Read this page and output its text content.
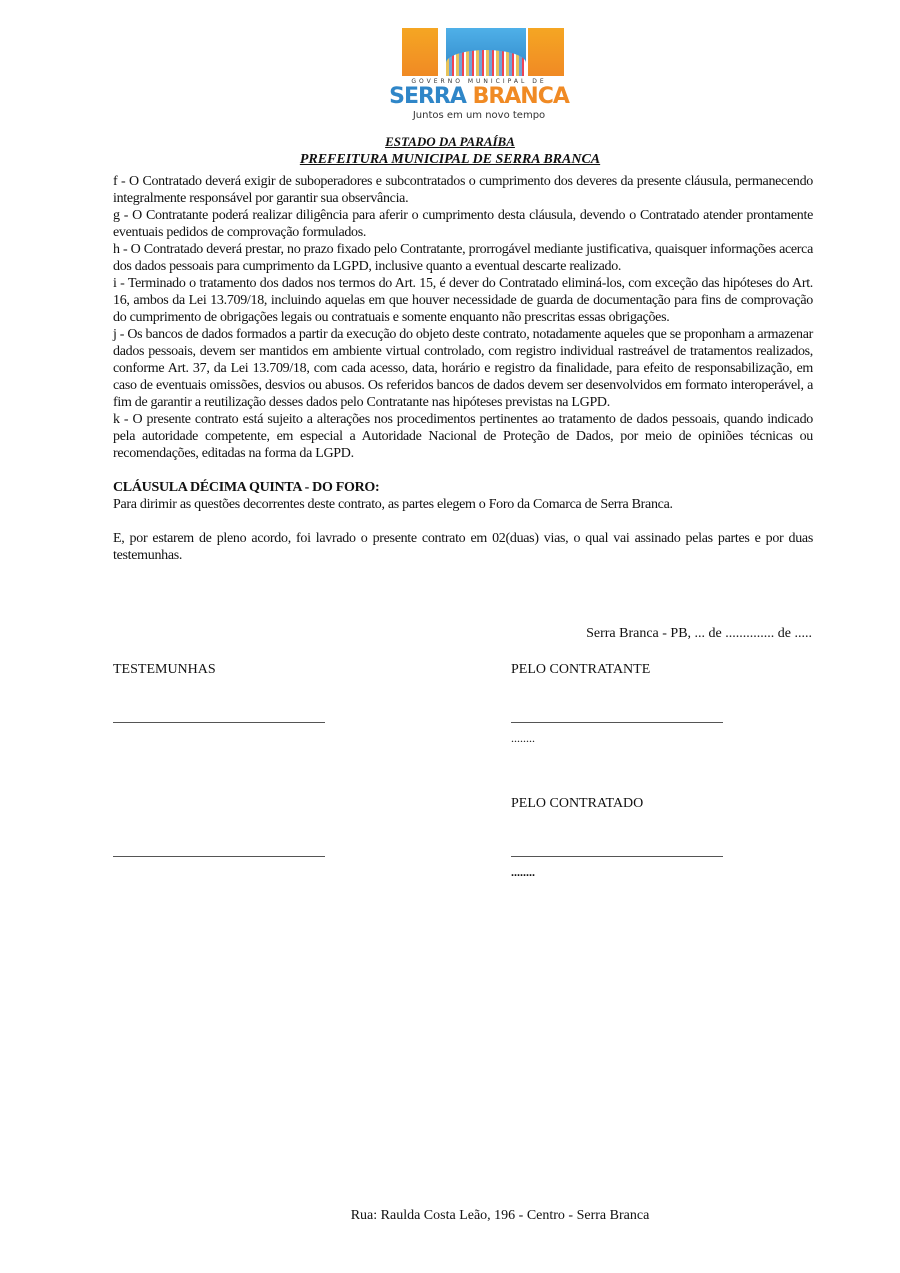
GOVERNO MUNICIPAL DE
SERRA BRANCA
Juntos em um novo tempo
ESTADO DA PARAÍBA
PREFEITURA MUNICIPAL DE SERRA BRANCA

f - O Contratado deverá exigir de suboperadores e subcontratados o cumprimento dos deveres da presente cláusula, permanecendo integralmente responsável por garantir sua observância.

g - O Contratante poderá realizar diligência para aferir o cumprimento desta cláusula, devendo o Contratado atender prontamente eventuais pedidos de comprovação formulados.

h - O Contratado deverá prestar, no prazo fixado pelo Contratante, prorrogável mediante justificativa, quaisquer informações acerca dos dados pessoais para cumprimento da LGPD, inclusive quanto a eventual descarte realizado.

i - Terminado o tratamento dos dados nos termos do Art. 15, é dever do Contratado eliminá-los, com exceção das hipóteses do Art. 16, ambos da Lei 13.709/18, incluindo aquelas em que houver necessidade de guarda de documentação para fins de comprovação do cumprimento de obrigações legais ou contratuais e somente enquanto não prescritas essas obrigações.

j - Os bancos de dados formados a partir da execução do objeto deste contrato, notadamente aqueles que se proponham a armazenar dados pessoais, devem ser mantidos em ambiente virtual controlado, com registro individual rastreável de tratamentos realizados, conforme Art. 37, da Lei 13.709/18, com cada acesso, data, horário e registro da finalidade, para efeito de responsabilização, em caso de eventuais omissões, desvios ou abusos. Os referidos bancos de dados devem ser desenvolvidos em formato interoperável, a fim de garantir a reutilização desses dados pelo Contratante nas hipóteses previstas na LGPD.

k - O presente contrato está sujeito a alterações nos procedimentos pertinentes ao tratamento de dados pessoais, quando indicado pela autoridade competente, em especial a Autoridade Nacional de Proteção de Dados, por meio de opiniões técnicas ou recomendações, editadas na forma da LGPD.

CLÁUSULA DÉCIMA QUINTA - DO FORO:

Para dirimir as questões decorrentes deste contrato, as partes elegem o Foro da Comarca de Serra Branca.

E, por estarem de pleno acordo, foi lavrado o presente contrato em 02(duas) vias, o qual vai assinado pelas partes e por duas testemunhas.

Serra Branca - PB, ... de .............. de .....
TESTEMUNHAS	PELO CONTRATANTE
........
PELO CONTRATADO
........
Rua: Raulda Costa Leão, 196 - Centro - Serra Branca
